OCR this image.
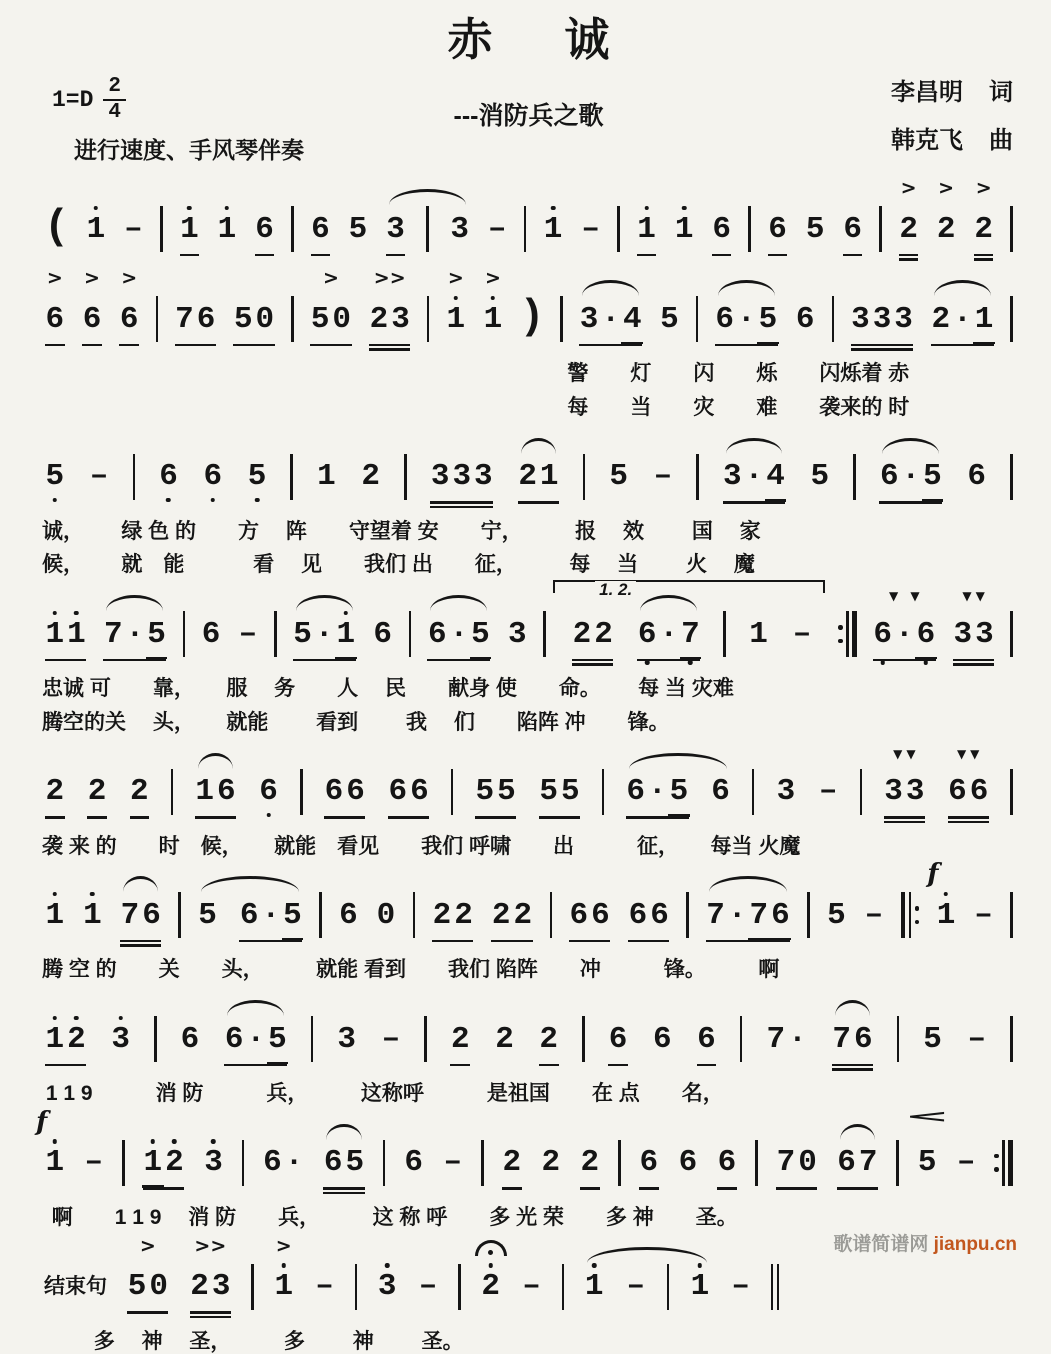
赤诚
---消防兵之歌
$1=D \frac{2}{4}$	李昌明 词
韩克飞 曲
进行速度、手风琴伴奏
( 1 – 1 1 6 6 5 3 3 – 1 – 1 1 6 6 5 6 2
>
2
>
2
>
6
>
6
>
6
>
7 6 5 0 5 0
>
2 3
>>
1
>
1
>
) 3 · 4 5 6 · 5 6 3 3 3 2 · 1
警　　灯　　闪　　烁　　闪烁着 赤
每　　当　　灾　　难　　袭来的 时
5 – 6 6 5 1 2 3 3 3 2 1 5 – 3 · 4 5 6 · 5 6
诚，　　 绿 色 的　　方　 阵　　守望着 安　　宁，　　　报　 效　　 国　 家
候，　　 就　能　　　 看　 见　　我们 出　　征，　　　每　 当　　 火　 魔
1 1 7 · 5 6 – 5 · 1 6 6 · 5 3
1. 2.
2 2 6 · 7 1 – 6 · 6
▼ ▼
3 3
▼▼
忠诚 可　　靠，　　服　 务　　人　 民　　献身 使　　命。　　 每 当 灾难
腾空的关　 头，　　就能　　 看到　　 我　 们　　陷阵 冲　　锋。
2 2 2 1 6 6 6 6 6 6 5 5 5 5 6 · 5 6 3 – 3 3
▼▼
6 6
▼▼
袭 来 的　　时　候，　　就能　看见　　我们 呼啸　　出　　　征，　　每当 火魔
1 1 7 6 5 6 · 5 6 0 2 2 2 2 6 6 6 6 7 · 7 6 5 – 1
f
–
腾 空 的　　关　　头，　　　就能 看到　　我们 陷阵　　冲　　　锋。　　　啊
1 2 3 6 6 · 5 3 – 2 2 2 6 6 6 7 · 7 6 5 –
1 1 9　　　消 防　　　兵，　　　这称呼　　　是祖国　　在 点　　名，
1
f
– 1 2 3 6 · 6 5 6 – 2 2 2 6 6 6 7 0 6 7 5
<
–
啊　　1 1 9　 消 防　　兵，　　　这 称 呼　　多 光 荣　　多 神　　圣。
结束句 5 0
>
2 3
>>
1
>
– 3 – 2 – 1 – 1 –
多　 神　 圣，　　　多　　 神　　 圣。
歌谱简谱网 jianpu.cn
